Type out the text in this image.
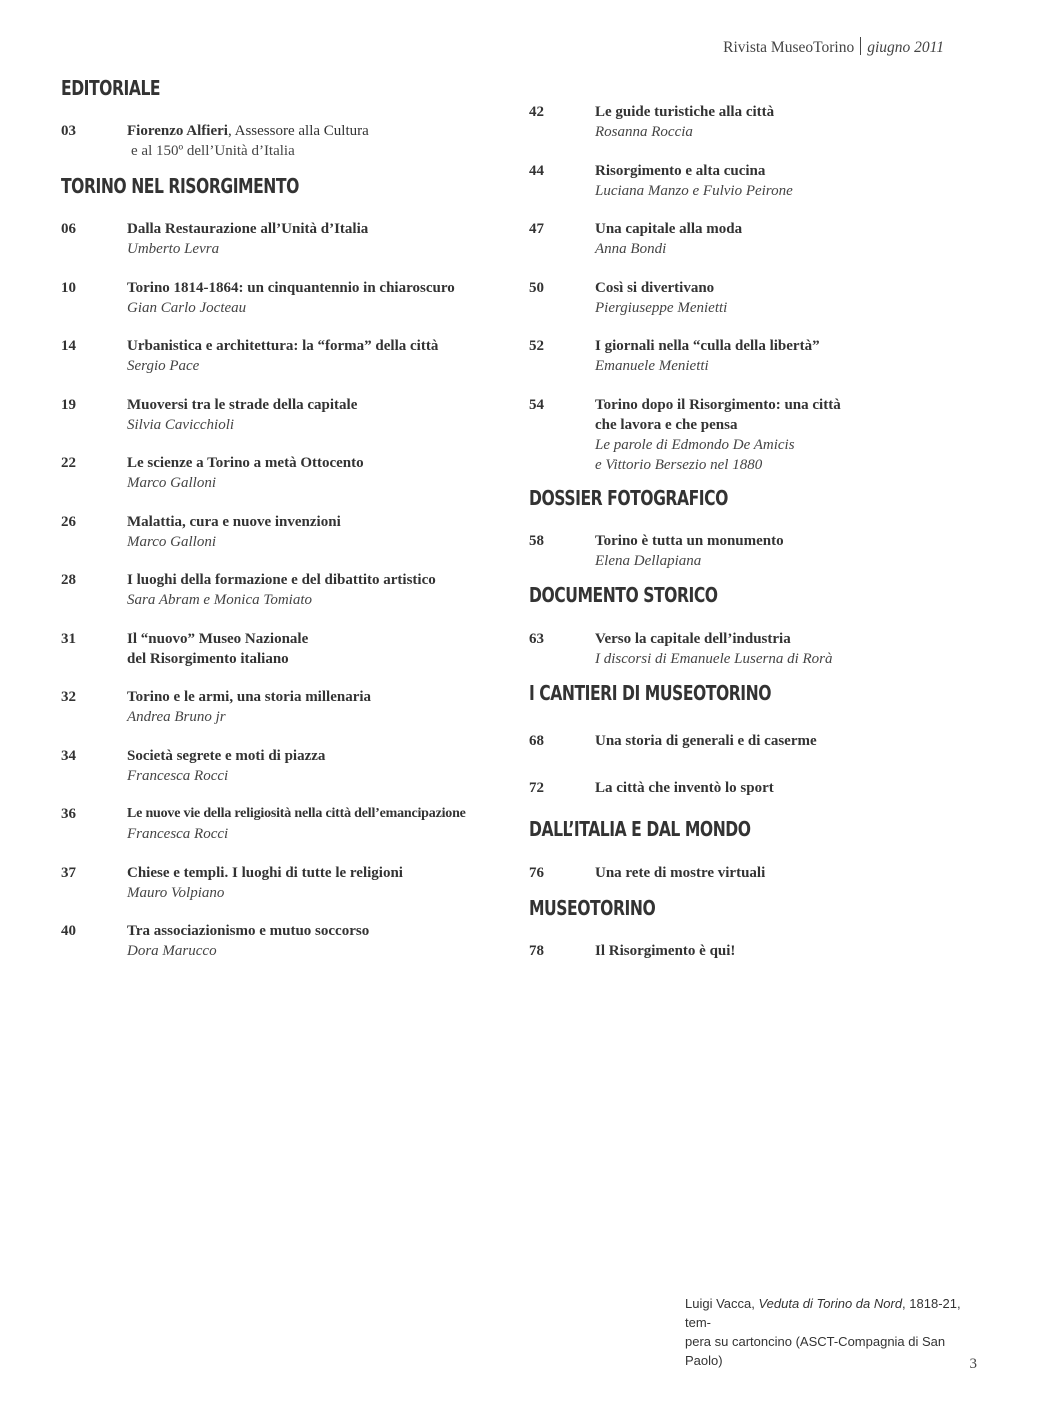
Rivista MuseoTorino giugno 2011
EDITORIALE
03	Fiorenzo Alfieri, Assessore alla Cultura
e al 150º dell’Unità d’Italia
TORINO NEL RISORGIMENTO
06	Dalla Restaurazione all’Unità d’Italia
Umberto Levra
10	Torino 1814-1864: un cinquantennio in chiaroscuro
Gian Carlo Jocteau
14	Urbanistica e architettura: la “forma” della città
Sergio Pace
19	Muoversi tra le strade della capitale
Silvia Cavicchioli
22	Le scienze a Torino a metà Ottocento
Marco Galloni
26	Malattia, cura e nuove invenzioni
Marco Galloni
28	I luoghi della formazione e del dibattito artistico
Sara Abram e Monica Tomiato
31	Il “nuovo” Museo Nazionale
del Risorgimento italiano
32	Torino e le armi, una storia millenaria
Andrea Bruno jr
34	Società segrete e moti di piazza
Francesca Rocci
36	Le nuove vie della religiosità nella città dell’emancipazione
Francesca Rocci
37	Chiese e templi. I luoghi di tutte le religioni
Mauro Volpiano
40	Tra associazionismo e mutuo soccorso
Dora Marucco
42	Le guide turistiche alla città
Rosanna Roccia
44	Risorgimento e alta cucina
Luciana Manzo e Fulvio Peirone
47	Una capitale alla moda
Anna Bondi
50	Così si divertivano
Piergiuseppe Menietti
52	I giornali nella “culla della libertà”
Emanuele Menietti
54	Torino dopo il Risorgimento: una città
che lavora e che pensa
Le parole di Edmondo De Amicis
e Vittorio Bersezio nel 1880
DOSSIER FOTOGRAFICO
58	Torino è tutta un monumento
Elena Dellapiana
DOCUMENTO STORICO
63	Verso la capitale dell’industria
I discorsi di Emanuele Luserna di Rorà
I CANTIERI DI MUSEOTORINO
68	Una storia di generali e di caserme
72	La città che inventò lo sport
DALL’ITALIA E DAL MONDO
76	Una rete di mostre virtuali
MUSEOTORINO
78	Il Risorgimento è qui!
Luigi Vacca, Veduta di Torino da Nord, 1818-21, tem-
pera su cartoncino (ASCT-Compagnia di San Paolo)	3
